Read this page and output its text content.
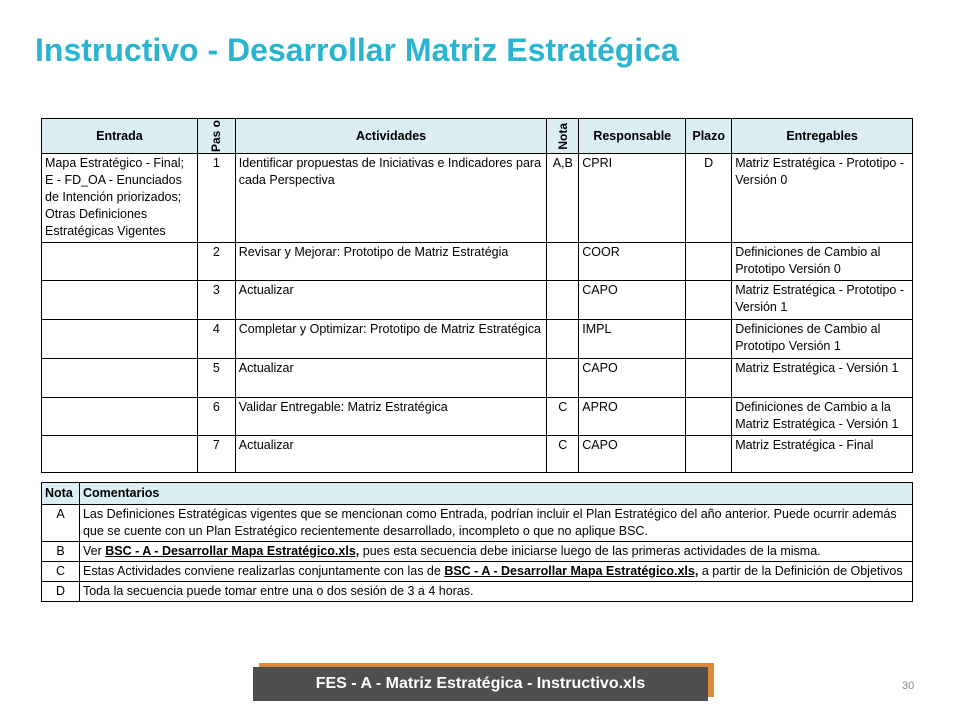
Instructivo - Desarrollar Matriz Estratégica
Entrada	Pas o	Actividades	Nota	Responsable	Plazo	Entregables
Mapa Estratégico - Final; E - FD_OA - Enunciados de Intención priorizados; Otras Definiciones Estratégicas Vigentes	1	Identificar propuestas de Iniciativas e Indicadores para cada Perspectiva	A,B	CPRI	D	Matriz Estratégica - Prototipo - Versión 0
	2	Revisar y Mejorar: Prototipo de Matriz Estratégia		COOR		Definiciones de Cambio al Prototipo Versión 0
	3	Actualizar		CAPO		Matriz Estratégica - Prototipo - Versión 1
	4	Completar y Optimizar: Prototipo de Matriz Estratégica		IMPL		Definiciones de Cambio al Prototipo Versión 1
	5	Actualizar		CAPO		Matriz Estratégica - Versión 1
	6	Validar Entregable: Matriz Estratégica	C	APRO		Definiciones de Cambio a la Matriz Estratégica - Versión 1
	7	Actualizar	C	CAPO		Matriz Estratégica - Final
Nota	Comentarios
A	Las Definiciones Estratégicas vigentes que se mencionan como Entrada, podrían incluir el Plan Estratégico del año anterior. Puede ocurrir además que se cuente con un Plan Estratégico recientemente desarrollado, incompleto o que no aplique BSC.
B	Ver BSC - A - Desarrollar Mapa Estratégico.xls, pues esta secuencia debe iniciarse luego de las primeras actividades de la misma.
C	Estas Actividades conviene realizarlas conjuntamente con las de BSC - A - Desarrollar Mapa Estratégico.xls, a partir de la Definición de Objetivos
D	Toda la secuencia puede tomar entre una o dos sesión de 3 a 4 horas.
FES - A - Matriz Estratégica - Instructivo.xls	30
